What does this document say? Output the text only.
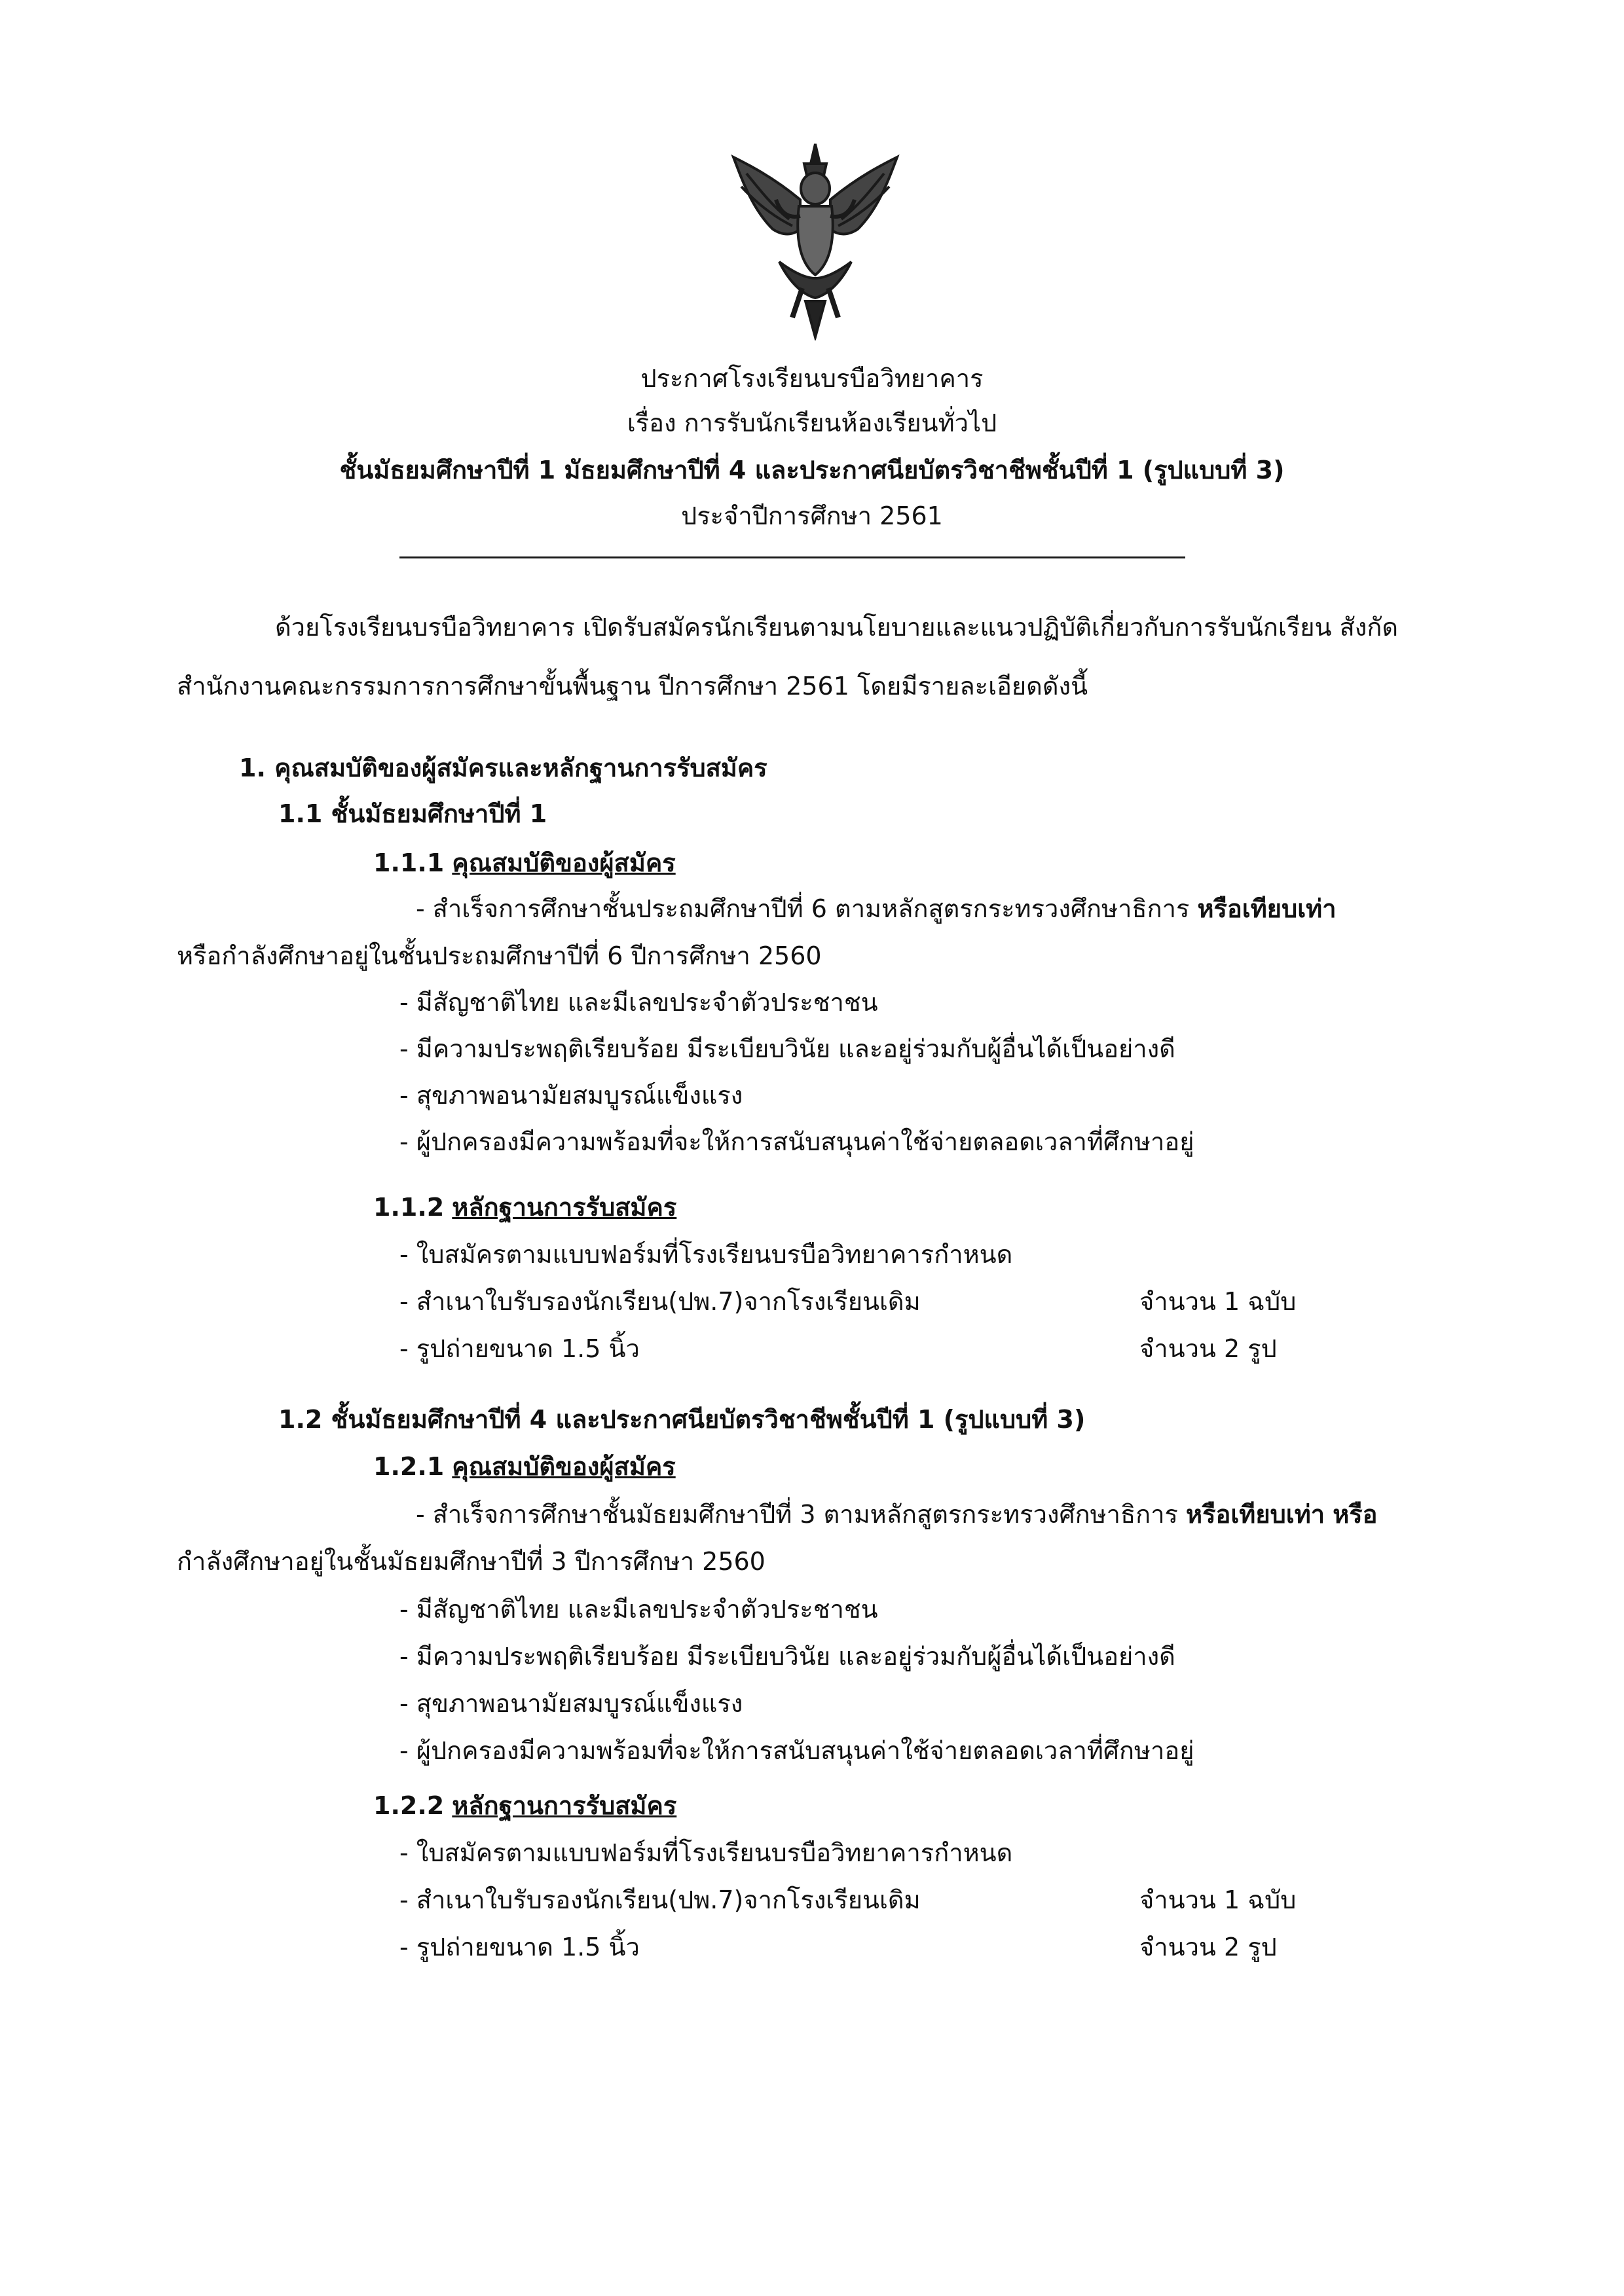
ประกาศโรงเรียนบรบือวิทยาคาร
เรื่อง การรับนักเรียนห้องเรียนทั่วไป
ชั้นมัธยมศึกษาปีที่ 1 มัธยมศึกษาปีที่ 4 และประกาศนียบัตรวิชาชีพชั้นปีที่ 1 (รูปแบบที่ 3)
ประจำปีการศึกษา 2561
ด้วยโรงเรียนบรบือวิทยาคาร เปิดรับสมัครนักเรียนตามนโยบายและแนวปฏิบัติเกี่ยวกับการรับนักเรียน สังกัด
สำนักงานคณะกรรมการการศึกษาขั้นพื้นฐาน ปีการศึกษา 2561 โดยมีรายละเอียดดังนี้
1. คุณสมบัติของผู้สมัครและหลักฐานการรับสมัคร
1.1 ชั้นมัธยมศึกษาปีที่ 1
1.1.1 คุณสมบัติของผู้สมัคร
- สำเร็จการศึกษาชั้นประถมศึกษาปีที่ 6 ตามหลักสูตรกระทรวงศึกษาธิการ หรือเทียบเท่า
หรือกำลังศึกษาอยู่ในชั้นประถมศึกษาปีที่ 6 ปีการศึกษา 2560
- มีสัญชาติไทย และมีเลขประจำตัวประชาชน
- มีความประพฤติเรียบร้อย มีระเบียบวินัย และอยู่ร่วมกับผู้อื่นได้เป็นอย่างดี
- สุขภาพอนามัยสมบูรณ์แข็งแรง
- ผู้ปกครองมีความพร้อมที่จะให้การสนับสนุนค่าใช้จ่ายตลอดเวลาที่ศึกษาอยู่
1.1.2 หลักฐานการรับสมัคร
- ใบสมัครตามแบบฟอร์มที่โรงเรียนบรบือวิทยาคารกำหนด
- สำเนาใบรับรองนักเรียน(ปพ.7)จากโรงเรียนเดิม	จำนวน 1 ฉบับ
- รูปถ่ายขนาด 1.5 นิ้ว	จำนวน 2 รูป
1.2 ชั้นมัธยมศึกษาปีที่ 4 และประกาศนียบัตรวิชาชีพชั้นปีที่ 1 (รูปแบบที่ 3)
1.2.1 คุณสมบัติของผู้สมัคร
- สำเร็จการศึกษาชั้นมัธยมศึกษาปีที่ 3 ตามหลักสูตรกระทรวงศึกษาธิการ หรือเทียบเท่า หรือ
กำลังศึกษาอยู่ในชั้นมัธยมศึกษาปีที่ 3 ปีการศึกษา 2560
- มีสัญชาติไทย และมีเลขประจำตัวประชาชน
- มีความประพฤติเรียบร้อย มีระเบียบวินัย และอยู่ร่วมกับผู้อื่นได้เป็นอย่างดี
- สุขภาพอนามัยสมบูรณ์แข็งแรง
- ผู้ปกครองมีความพร้อมที่จะให้การสนับสนุนค่าใช้จ่ายตลอดเวลาที่ศึกษาอยู่
1.2.2 หลักฐานการรับสมัคร
- ใบสมัครตามแบบฟอร์มที่โรงเรียนบรบือวิทยาคารกำหนด
- สำเนาใบรับรองนักเรียน(ปพ.7)จากโรงเรียนเดิม	จำนวน 1 ฉบับ
- รูปถ่ายขนาด 1.5 นิ้ว	จำนวน 2 รูป
